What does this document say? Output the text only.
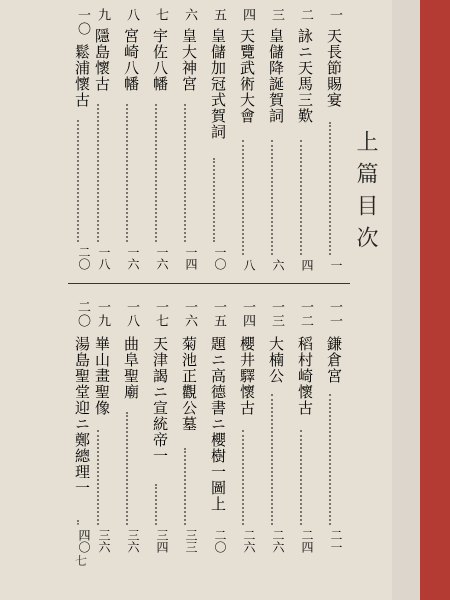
上篇目次
一
天長節賜宴
一
二
詠ニ天馬三歎
四
三
皇儲降誕賀詞
六
四
天覽武術大會
八
五
皇儲加冠式賀詞
一〇
六
皇大神宮
一四
七
宇佐八幡
一六
八
宮崎八幡
一六
九
隱島懷古
一八
一〇
鬆浦懷古
二〇
一一
鎌倉宮
二一
一二
稻村崎懷古
二四
一三
大楠公
二六
一四
櫻井驛懷古
二六
一五
題ニ高德書ニ櫻樹一圖上
二〇
一六
菊池正觀公墓
三三
一七
天津謁ニ宣統帝一
三四
一八
曲阜聖廟
三六
一九
崋山畫聖像
三六
二〇
湯島聖堂迎ニ鄭總理一
四〇
七
